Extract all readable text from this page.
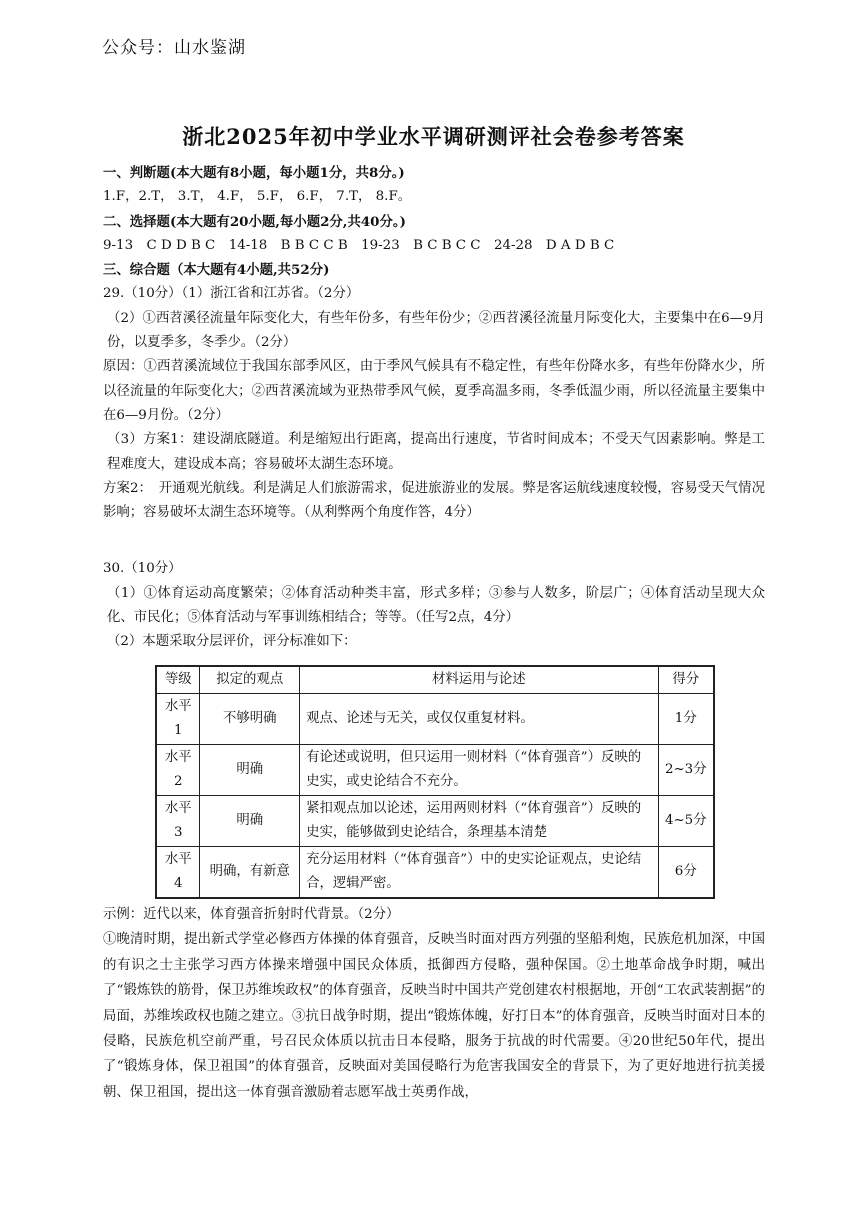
公众号：山水鉴湖
浙北2025年初中学业水平调研测评社会卷参考答案

一、判断题(本大题有8小题，每小题1分，共8分。)

1.F，2.T， 3.T， 4.F， 5.F， 6.F， 7.T， 8.F。

二、选择题(本大题有20小题,每小题2分,共40分。)

9-13　C D D B C　14-18　B B C C B　19-23　B C B C C　24-28　D A D B C

三、综合题（本大题有4小题,共52分)

29.（10分）（1）浙江省和江苏省。（2分）

（2）①西苕溪径流量年际变化大，有些年份多，有些年份少；②西苕溪径流量月际变化大，主要集中在6—9月份，以夏季多，冬季少。（2分）

原因：①西苕溪流域位于我国东部季风区，由于季风气候具有不稳定性，有些年份降水多，有些年份降水少，所以径流量的年际变化大；②西苕溪流域为亚热带季风气候，夏季高温多雨，冬季低温少雨，所以径流量主要集中在6—9月份。（2分）

（3）方案1：建设湖底隧道。利是缩短出行距离，提高出行速度，节省时间成本；不受天气因素影响。弊是工程难度大，建设成本高；容易破坏太湖生态环境。

方案2：　开通观光航线。利是满足人们旅游需求，促进旅游业的发展。弊是客运航线速度较慢，容易受天气情况影响；容易破坏太湖生态环境等。（从利弊两个角度作答，4分）

30.（10分）

（1）①体育运动高度繁荣；②体育活动种类丰富，形式多样；③参与人数多，阶层广；④体育活动呈现大众化、市民化；⑤体育活动与军事训练相结合；等等。（任写2点，4分）

（2）本题采取分层评价，评分标准如下：

等级	拟定的观点	材料运用与论述	得分
水平1	不够明确	观点、论述与无关，或仅仅重复材料。	1分
水平2	明确	有论述或说明，但只运用一则材料（“体育强音”）反映的史实，或史论结合不充分。	2~3分
水平3	明确	紧扣观点加以论述，运用两则材料（“体育强音”）反映的史实，能够做到史论结合，条理基本清楚	4~5分
水平4	明确，有新意	充分运用材料（“体育强音”）中的史实论证观点，史论结合，逻辑严密。	6分

示例：近代以来，体育强音折射时代背景。（2分）

①晚清时期，提出新式学堂必修西方体操的体育强音，反映当时面对西方列强的坚船利炮，民族危机加深，中国的有识之士主张学习西方体操来增强中国民众体质，抵御西方侵略，强种保国。②土地革命战争时期，喊出了“锻炼铁的筋骨，保卫苏维埃政权”的体育强音，反映当时中国共产党创建农村根据地，开创“工农武装割据”的局面，苏维埃政权也随之建立。③抗日战争时期，提出“锻炼体魄，好打日本”的体育强音，反映当时面对日本的侵略，民族危机空前严重，号召民众体质以抗击日本侵略，服务于抗战的时代需要。④20世纪50年代，提出了“锻炼身体，保卫祖国”的体育强音，反映面对美国侵略行为危害我国安全的背景下，为了更好地进行抗美援朝、保卫祖国，提出这一体育强音激励着志愿军战士英勇作战，
